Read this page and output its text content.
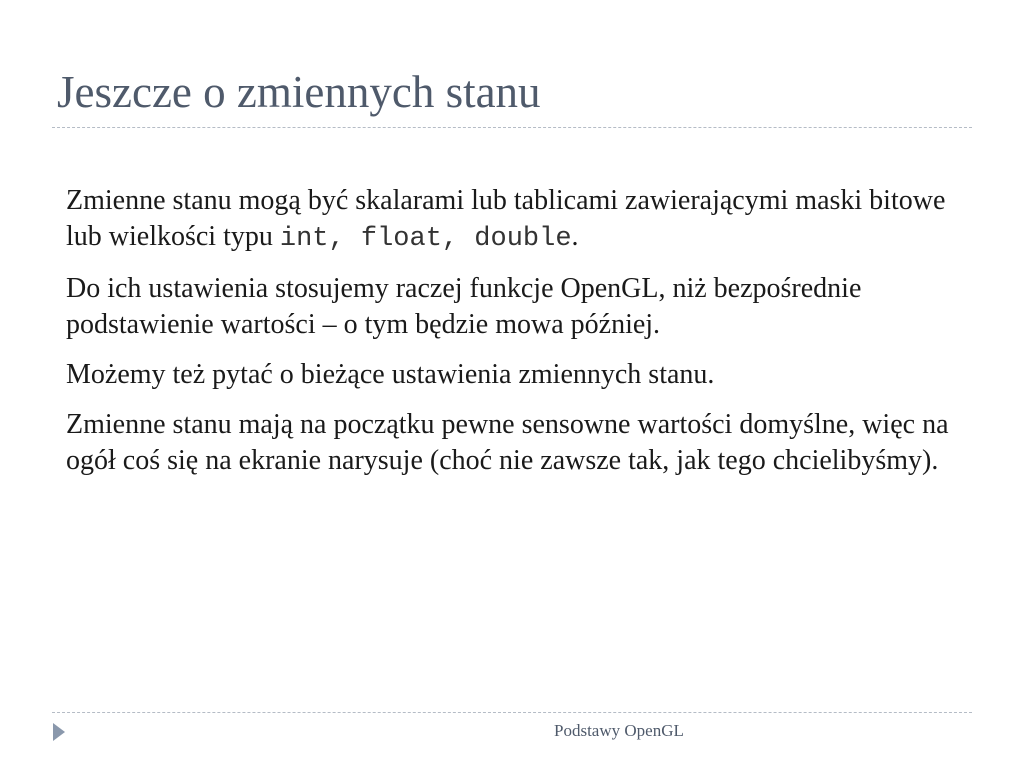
Jeszcze o zmiennych stanu

Zmienne stanu mogą być skalarami lub tablicami zawierającymi maski bitowe lub wielkości typu int, float, double.

Do ich ustawienia stosujemy raczej funkcje OpenGL, niż bezpośrednie podstawienie wartości – o tym będzie mowa później.

Możemy też pytać o bieżące ustawienia zmiennych stanu.

Zmienne stanu mają na początku pewne sensowne wartości domyślne, więc na ogół coś się na ekranie narysuje (choć nie zawsze tak, jak tego chcielibyśmy).

Podstawy OpenGL
